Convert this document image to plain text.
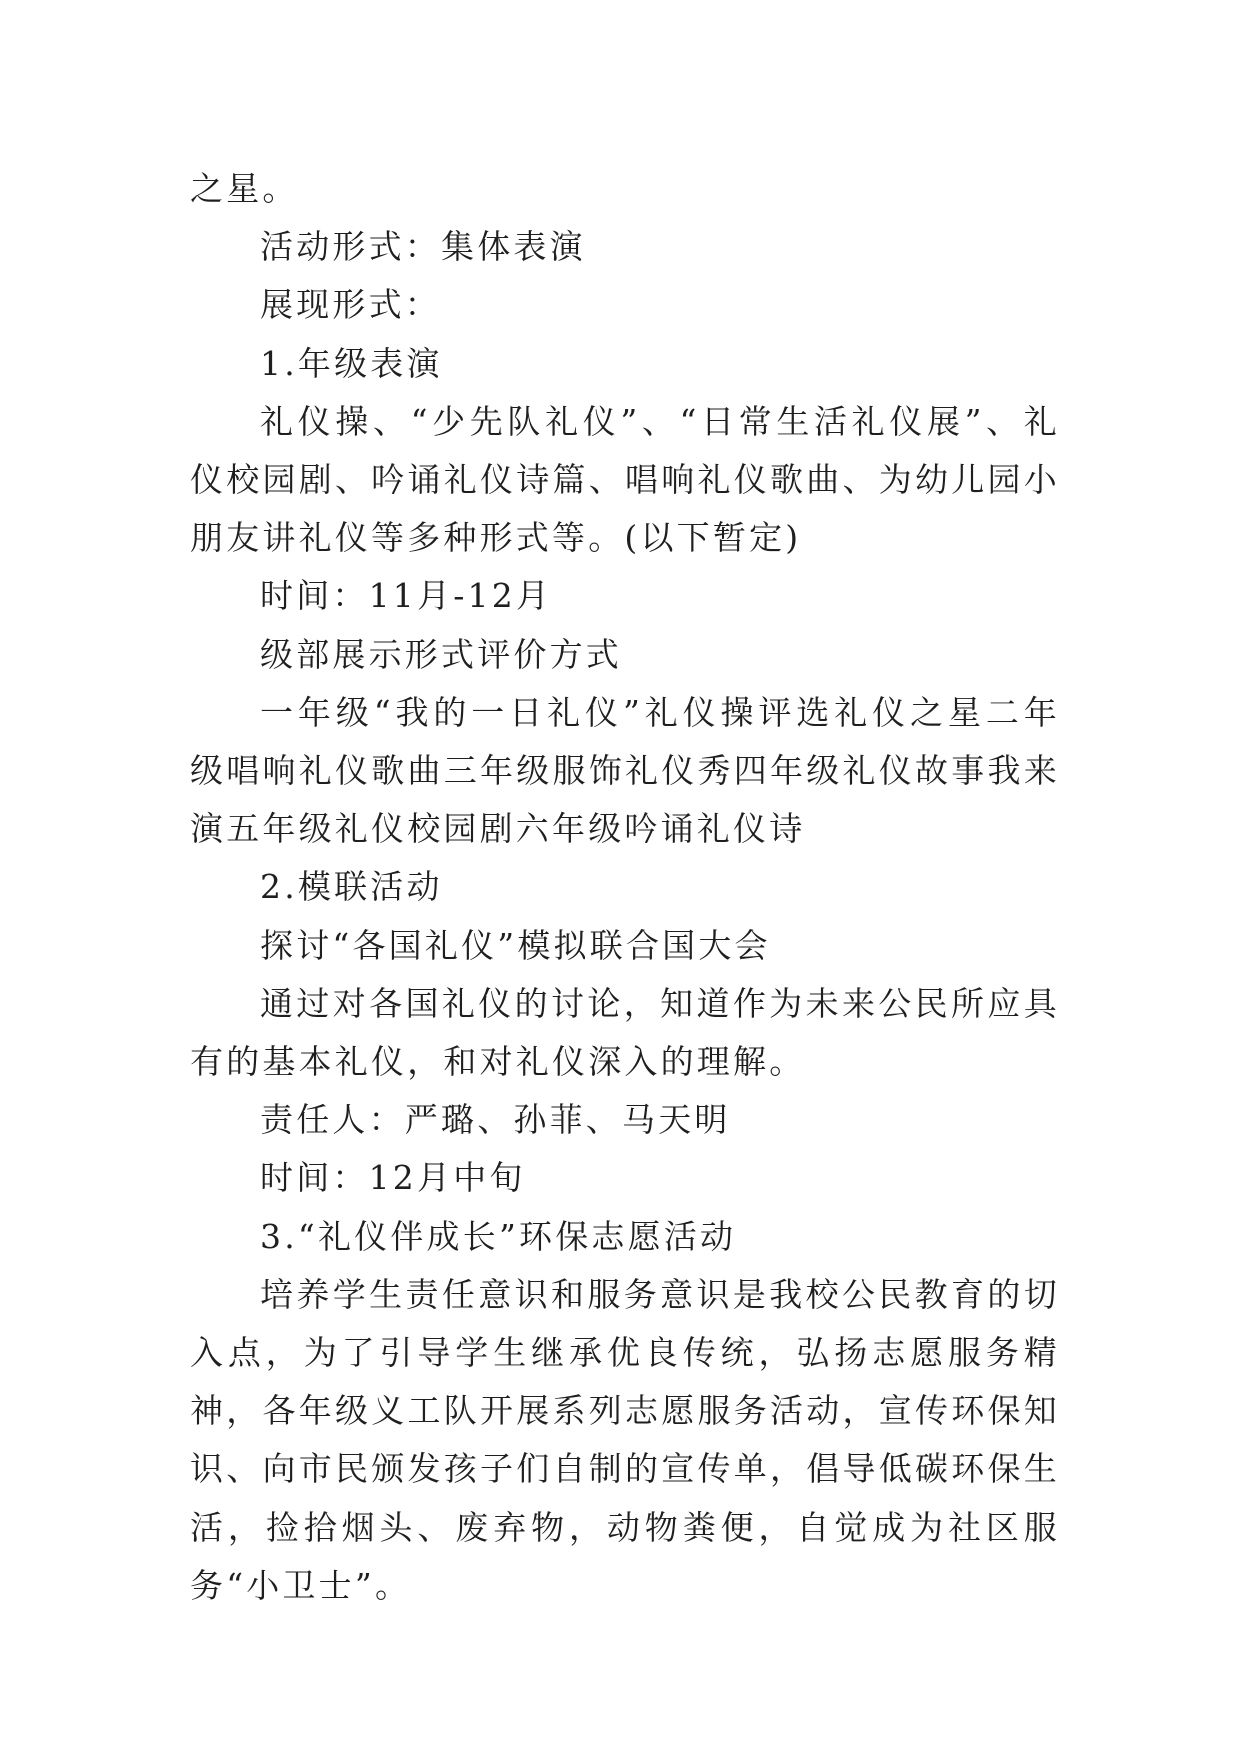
之星。

活动形式：集体表演

展现形式：

1.年级表演

礼仪操、“少先队礼仪”、“日常生活礼仪展”、礼仪校园剧、吟诵礼仪诗篇、唱响礼仪歌曲、为幼儿园小朋友讲礼仪等多种形式等。(以下暂定)

时间：11月-12月

级部展示形式评价方式

一年级“我的一日礼仪”礼仪操评选礼仪之星二年级唱响礼仪歌曲三年级服饰礼仪秀四年级礼仪故事我来演五年级礼仪校园剧六年级吟诵礼仪诗

2.模联活动

探讨“各国礼仪”模拟联合国大会

通过对各国礼仪的讨论，知道作为未来公民所应具有的基本礼仪，和对礼仪深入的理解。

责任人：严璐、孙菲、马天明

时间：12月中旬

3.“礼仪伴成长”环保志愿活动

培养学生责任意识和服务意识是我校公民教育的切入点，为了引导学生继承优良传统，弘扬志愿服务精神，各年级义工队开展系列志愿服务活动，宣传环保知识、向市民颁发孩子们自制的宣传单，倡导低碳环保生活，捡拾烟头、废弃物，动物粪便，自觉成为社区服务“小卫士”。
